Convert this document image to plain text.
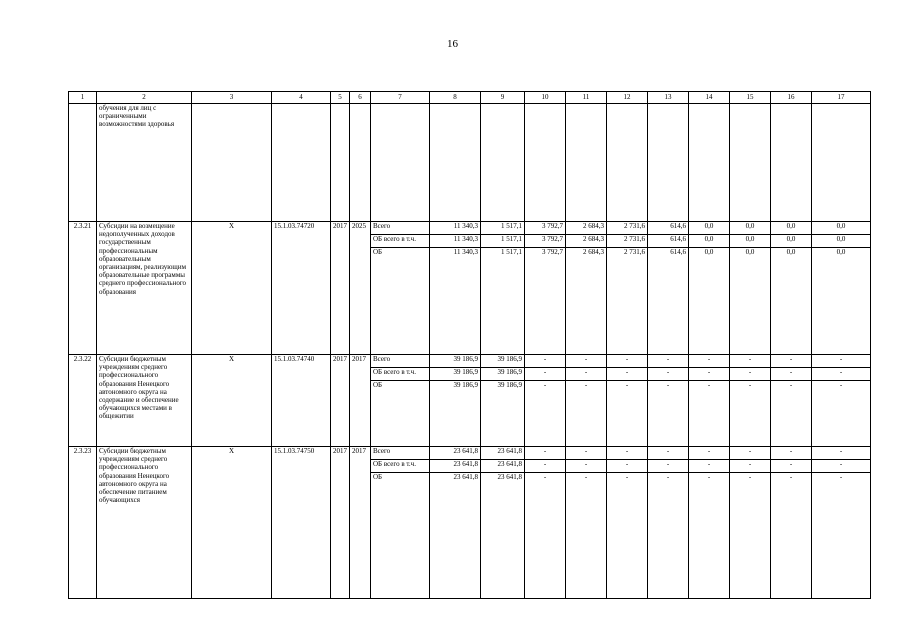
16
1	2	3	4	5	6	7	8	9	10	11	12	13	14	15	16	17
	обучения для лиц с ограниченными возможностями здоровья															
2.3.21	Субсидии на возмещение недополученных доходов государственным профессиональным образовательным организациям, реализующим образовательные программы среднего профессионального образования	Х	15.1.03.74720	2017	2025	Всего	11 340,3	1 517,1	3 792,7	2 684,3	2 731,6	614,6	0,0	0,0	0,0	0,0
						ОБ всего в т.ч.	11 340,3	1 517,1	3 792,7	2 684,3	2 731,6	614,6	0,0	0,0	0,0	0,0
						ОБ	11 340,3	1 517,1	3 792,7	2 684,3	2 731,6	614,6	0,0	0,0	0,0	0,0
2.3.22	Субсидии бюджетным учреждениям среднего профессионального образования Ненецкого автономного округа на содержание и обеспечение обучающихся местами в общежитии	Х	15.1.03.74740	2017	2017	Всего	39 186,9	39 186,9	-	-	-	-	-	-	-	-
						ОБ всего в т.ч.	39 186,9	39 186,9	-	-	-	-	-	-	-	-
						ОБ	39 186,9	39 186,9	-	-	-	-	-	-	-	-
2.3.23	Субсидии бюджетным учреждениям среднего профессионального образования Ненецкого автономного округа на обеспечение питанием обучающихся	Х	15.1.03.74750	2017	2017	Всего	23 641,8	23 641,8	-	-	-	-	-	-	-	-
						ОБ всего в т.ч.	23 641,8	23 641,8	-	-	-	-	-	-	-	-
						ОБ	23 641,8	23 641,8	-	-	-	-	-	-	-	-
